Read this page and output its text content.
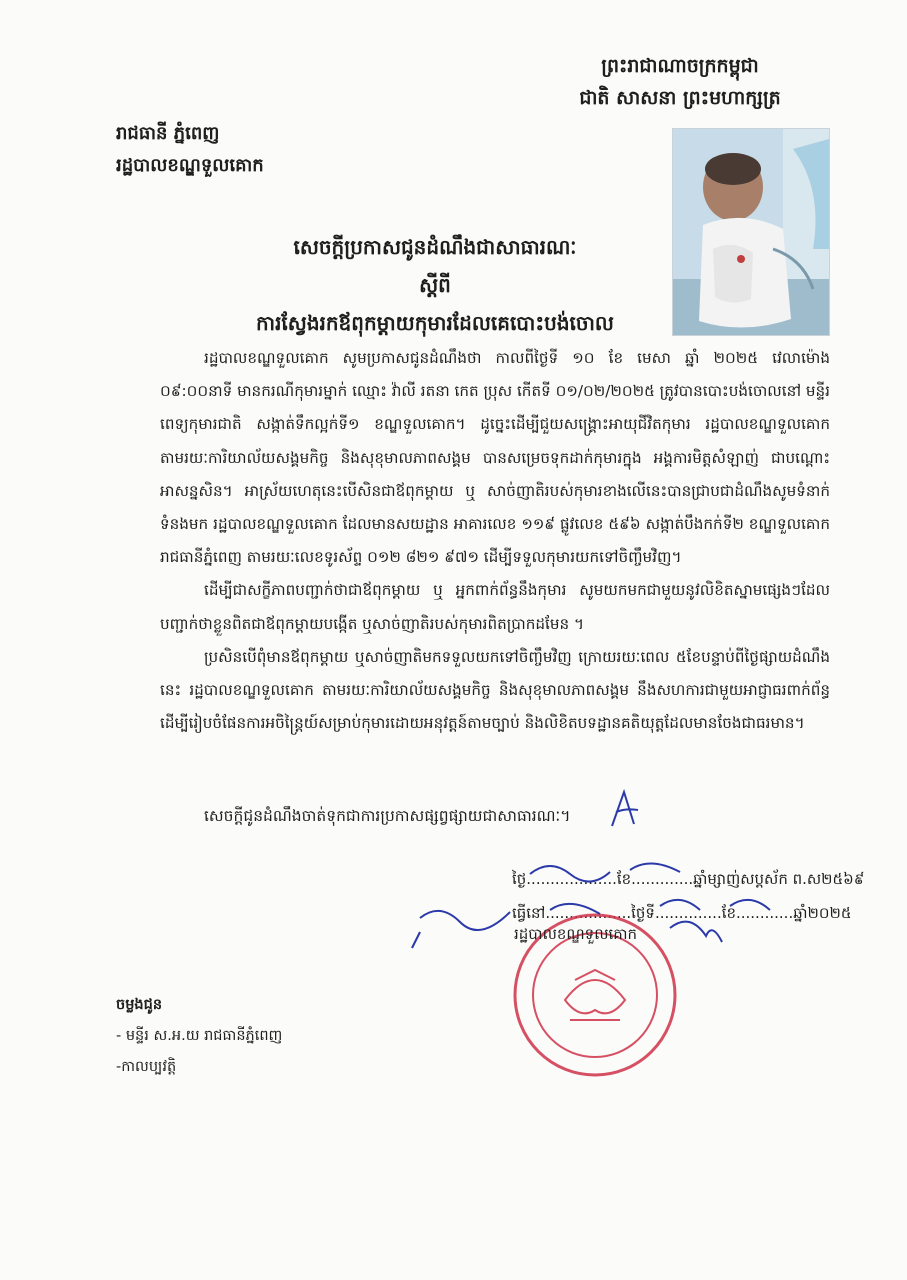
ព្រះរាជាណាចក្រកម្ពុជា
ជាតិ សាសនា ព្រះមហាក្សត្រ
រាជធានី ភ្នំពេញ
រដ្ឋបាលខណ្ឌទួលគោក
សេចក្តីប្រកាសជូនដំណឹងជាសាធារណៈ
ស្តីពី
ការស្វែងរកឪពុកម្តាយកុមារដែលគេបោះបង់ចោល

រដ្ឋបាលខណ្ឌទួលគោក សូមប្រកាសជូនដំណឹងថា កាលពីថ្ងៃទី ១០ ខែ មេសា ឆ្នាំ ២០២៥ វេលាម៉ោង ០៩:០០នាទី មានករណីកុមារម្នាក់ ឈ្មោះ វ៉ាលី រតនា កេត ប្រុស កើតទី ០១/០២/២០២៥ ត្រូវបានបោះបង់ចោលនៅ មន្ទីរពេទ្យកុមារជាតិ សង្កាត់ទឹកល្អក់ទី១ ខណ្ឌទួលគោក។ ដូច្នេះដើម្បីជួយសង្គ្រោះអាយុជីវិតកុមារ រដ្ឋបាលខណ្ឌទួលគោក តាមរយៈការិយាល័យសង្គមកិច្ច និងសុខុមាលភាពសង្គម បានសម្រេចទុកដាក់កុមារក្នុង អង្គការមិត្តសំឡាញ់ ជាបណ្តោះអាសន្នសិន។ អាស្រ័យហេតុនេះបើសិនជាឪពុកម្តាយ ឬ សាច់ញាតិរបស់កុមារខាងលើនេះបានជ្រាបជាដំណឹងសូមទំនាក់ទំនងមក រដ្ឋបាលខណ្ឌទួលគោក ដែលមានសយដ្ឋាន អាគារលេខ ១១៩ ផ្លូវលេខ ៥៩៦ សង្កាត់បឹងកក់ទី២ ខណ្ឌទួលគោក រាជធានីភ្នំពេញ តាមរយៈលេខទូរស័ព្ទ ០១២ ៨២១ ៩៧១ ដើម្បីទទួលកុមារយកទៅចិញ្ចឹមវិញ។

ដើម្បីជាសក្ខីភាពបញ្ជាក់ថាជាឪពុកម្តាយ ឬ អ្នកពាក់ព័ន្ធនឹងកុមារ សូមយកមកជាមួយនូវលិខិតស្នាមផ្សេងៗដែលបញ្ជាក់ថាខ្លួនពិតជាឪពុកម្តាយបង្កើត ឬសាច់ញាតិរបស់កុមារពិតប្រាកដមែន ។

ប្រសិនបើពុំមានឪពុកម្តាយ ឬសាច់ញាតិមកទទួលយកទៅចិញ្ចឹមវិញ ក្រោយរយៈពេល ៥ខែបន្ទាប់ពីថ្ងៃផ្សាយដំណឹងនេះ រដ្ឋបាលខណ្ឌទួលគោក តាមរយៈការិយាល័យសង្គមកិច្ច និងសុខុមាលភាពសង្គម នឹងសហការជាមួយអាជ្ញាធរពាក់ព័ន្ធដើម្បីរៀបចំផែនការអចិន្ត្រៃយ៍សម្រាប់កុមារដោយអនុវត្តន៍តាមច្បាប់ និងលិខិតបទដ្ឋានគតិយុត្តដែលមានចែងជាធរមាន។

សេចក្តីជូនដំណឹងចាត់ទុកជាការប្រកាសផ្សព្វផ្សាយជាសាធារណៈ។
ថ្ងៃ...................ខែ.............ឆ្នាំម្សាញ់សប្តស័ក ព.ស២៥៦៩
ធ្វើនៅ..................ថ្ងៃទី..............ខែ............ឆ្នាំ២០២៥
រដ្ឋបាលខណ្ឌទួលគោក
ចម្លងជូន
- មន្ទីរ ស.អ.យ រាជធានីភ្នំពេញ
-កាលប្បវត្តិ
